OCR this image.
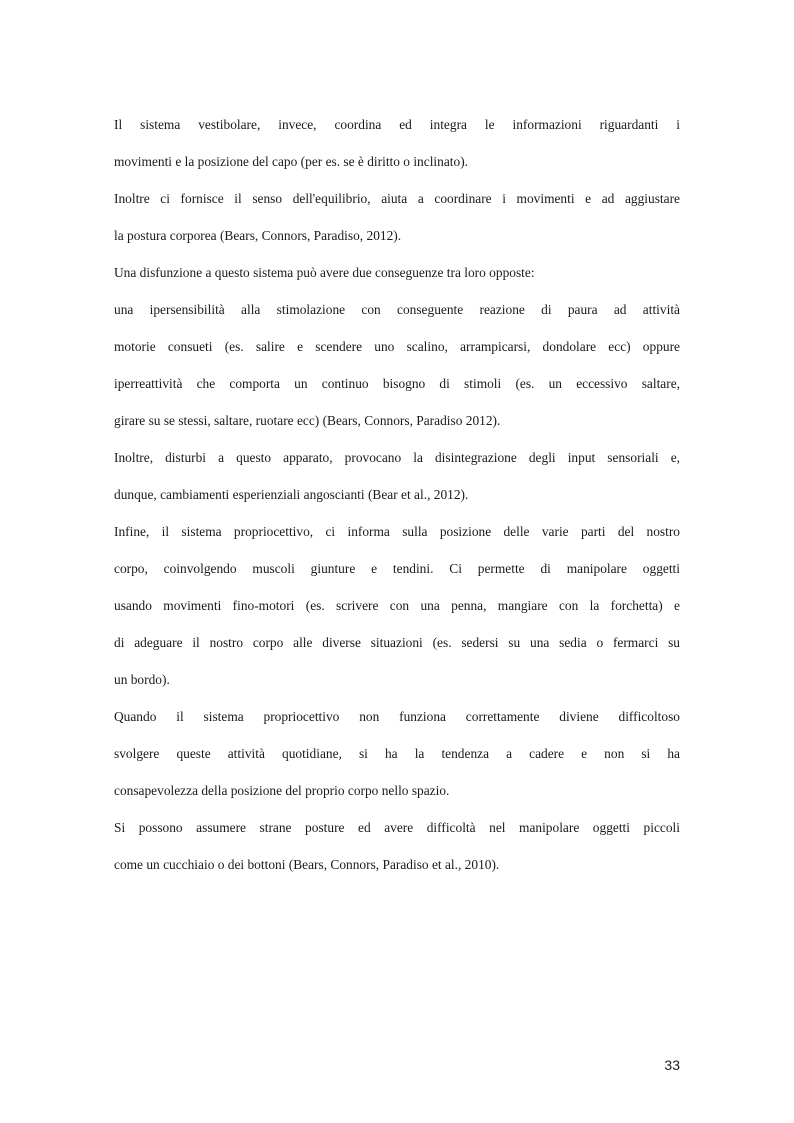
Il sistema vestibolare, invece, coordina ed integra le informazioni riguardanti i
movimenti e la posizione del capo (per es. se è diritto o inclinato).
Inoltre ci fornisce il senso dell'equilibrio, aiuta a coordinare i movimenti e ad aggiustare
la postura corporea (Bears, Connors, Paradiso, 2012).
Una disfunzione a questo sistema può avere due conseguenze tra loro opposte:
una ipersensibilità alla stimolazione con conseguente reazione di paura ad attività
motorie consueti (es. salire e scendere uno scalino, arrampicarsi, dondolare ecc) oppure
iperreattività che comporta un continuo bisogno di stimoli (es. un eccessivo saltare,
girare su se stessi, saltare, ruotare ecc) (Bears, Connors, Paradiso 2012).
Inoltre, disturbi a questo apparato, provocano la disintegrazione degli input sensoriali e,
dunque, cambiamenti esperienziali angoscianti (Bear et al., 2012).
Infine, il sistema propriocettivo, ci informa sulla posizione delle varie parti del nostro
corpo, coinvolgendo muscoli giunture e tendini. Ci permette di manipolare oggetti
usando movimenti fino-motori (es. scrivere con una penna, mangiare con la forchetta) e
di adeguare il nostro corpo alle diverse situazioni (es. sedersi su una sedia o fermarci su
un bordo).
Quando il sistema propriocettivo non funziona correttamente diviene difficoltoso
svolgere queste attività quotidiane, si ha la tendenza a cadere e non si ha
consapevolezza della posizione del proprio corpo nello spazio.
Si possono assumere strane posture ed avere difficoltà nel manipolare oggetti piccoli
come un cucchiaio o dei bottoni (Bears, Connors, Paradiso et al., 2010).
33
